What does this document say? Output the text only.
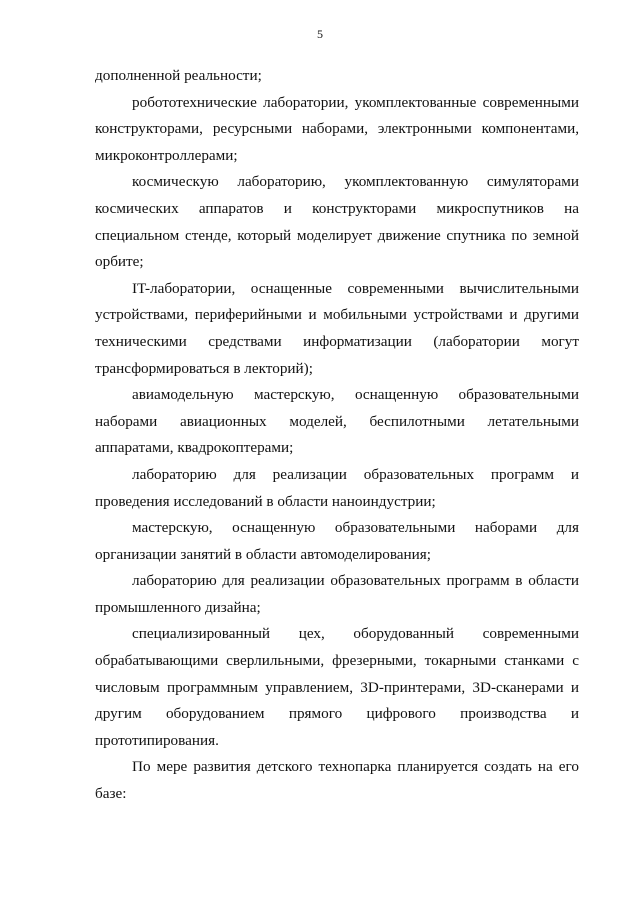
5

дополненной реальности;

робототехнические лаборатории, укомплектованные современными конструкторами, ресурсными наборами, электронными компонентами, микроконтроллерами;

космическую лабораторию, укомплектованную симуляторами космических аппаратов и конструкторами микроспутников на специальном стенде, который моделирует движение спутника по земной орбите;

IT-лаборатории, оснащенные современными вычислительными устройствами, периферийными и мобильными устройствами и другими техническими средствами информатизации (лаборатории могут трансформироваться в лекторий);

авиамодельную мастерскую, оснащенную образовательными наборами авиационных моделей, беспилотными летательными аппаратами, квадрокоптерами;

лабораторию для реализации образовательных программ и проведения исследований в области наноиндустрии;

мастерскую, оснащенную образовательными наборами для организации занятий в области автомоделирования;

лабораторию для реализации образовательных программ в области промышленного дизайна;

специализированный цех, оборудованный современными обрабатывающими сверлильными, фрезерными, токарными станками с числовым программным управлением, 3D-принтерами, 3D-сканерами и другим оборудованием прямого цифрового производства и прототипирования.

По мере развития детского технопарка планируется создать на его базе:
